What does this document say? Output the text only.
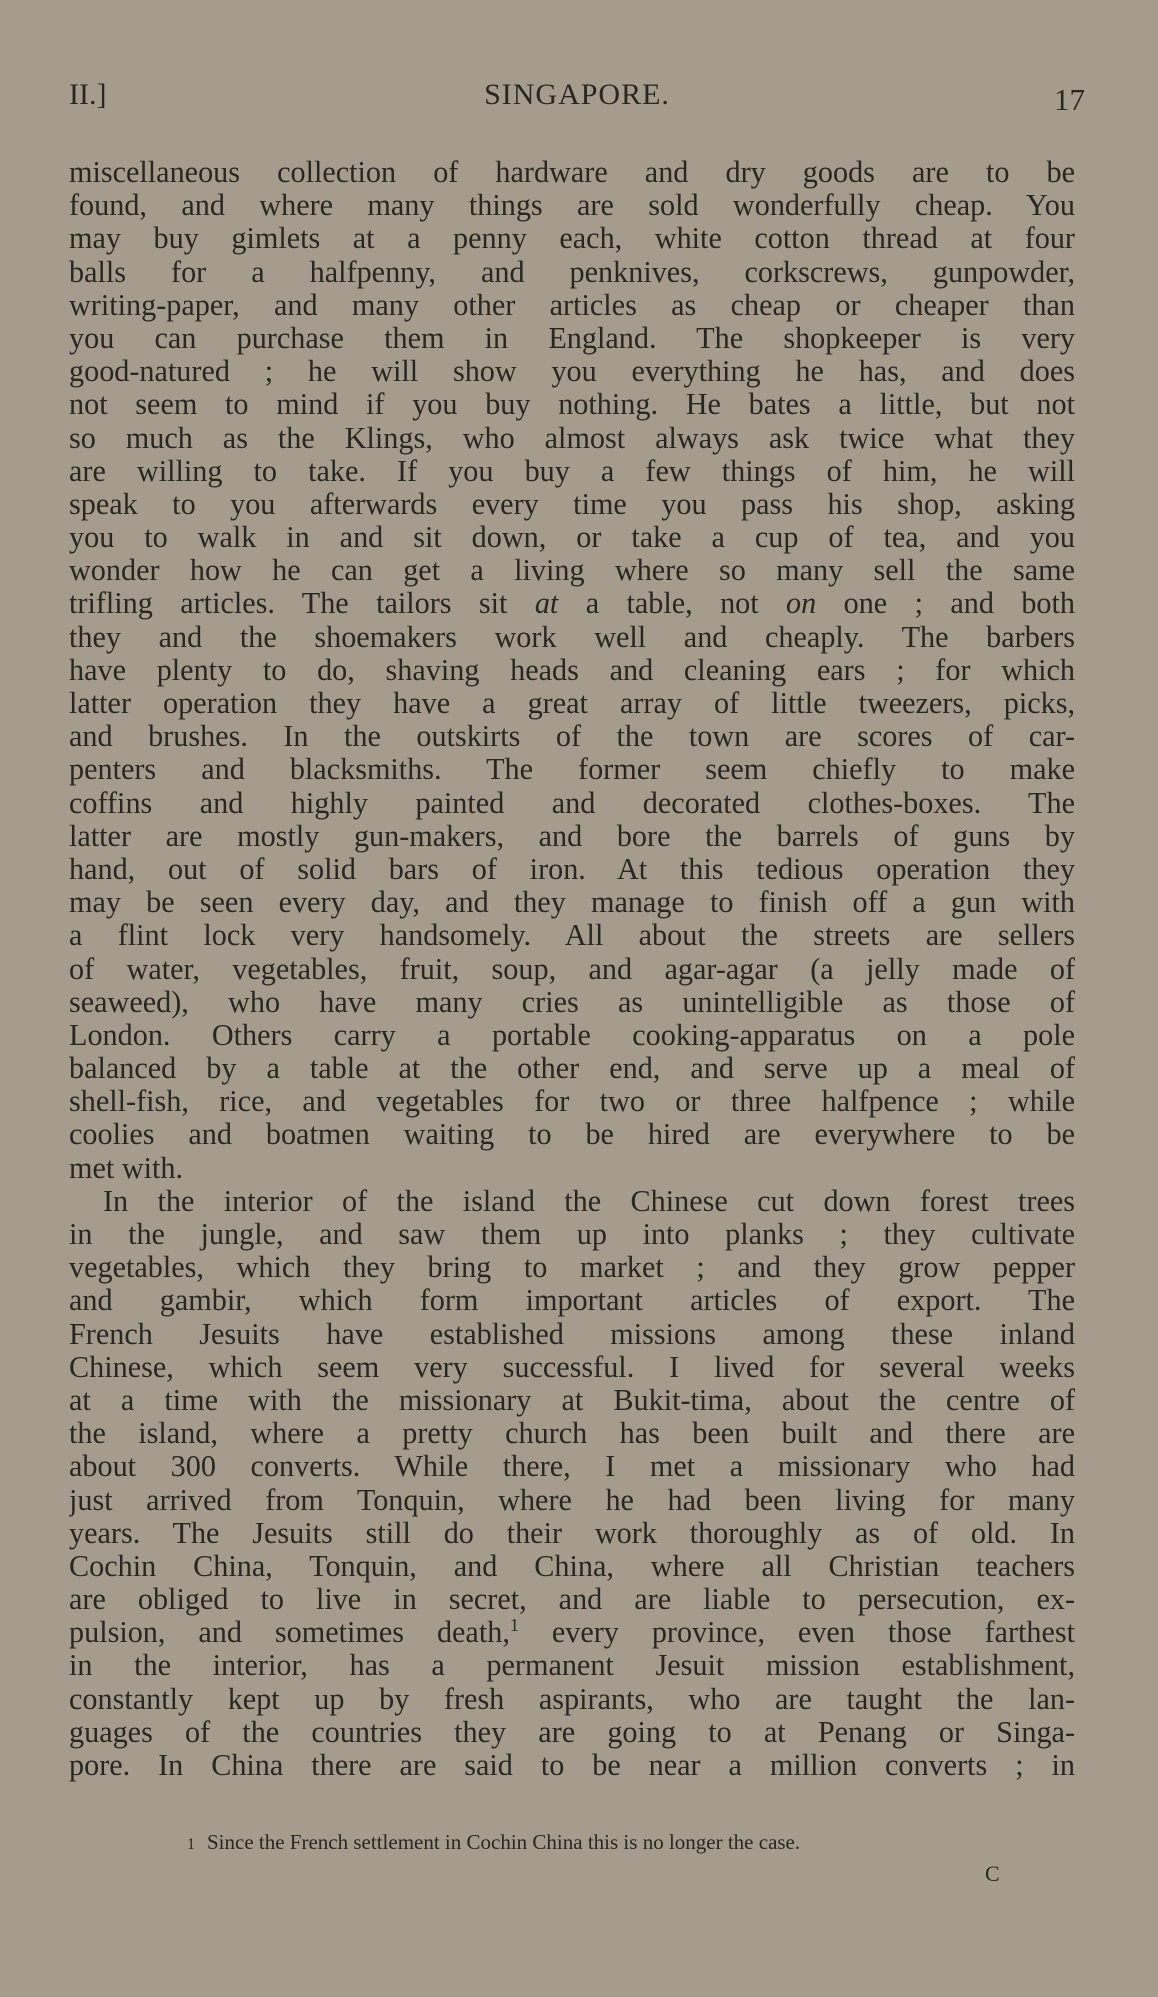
II.]	SINGAPORE.	17
miscellaneous collection of hardware and dry goods are to be
found, and where many things are sold wonderfully cheap. You
may buy gimlets at a penny each, white cotton thread at four
balls for a halfpenny, and penknives, corkscrews, gunpowder,
writing-paper, and many other articles as cheap or cheaper than
you can purchase them in England. The shopkeeper is very
good-natured ; he will show you everything he has, and does
not seem to mind if you buy nothing. He bates a little, but not
so much as the Klings, who almost always ask twice what they
are willing to take. If you buy a few things of him, he will
speak to you afterwards every time you pass his shop, asking
you to walk in and sit down, or take a cup of tea, and you
wonder how he can get a living where so many sell the same
trifling articles. The tailors sit at a table, not on one ; and both
they and the shoemakers work well and cheaply. The barbers
have plenty to do, shaving heads and cleaning ears ; for which
latter operation they have a great array of little tweezers, picks,
and brushes. In the outskirts of the town are scores of car-
penters and blacksmiths. The former seem chiefly to make
coffins and highly painted and decorated clothes-boxes. The
latter are mostly gun-makers, and bore the barrels of guns by
hand, out of solid bars of iron. At this tedious operation they
may be seen every day, and they manage to finish off a gun with
a flint lock very handsomely. All about the streets are sellers
of water, vegetables, fruit, soup, and agar-agar (a jelly made of
seaweed), who have many cries as unintelligible as those of
London. Others carry a portable cooking-apparatus on a pole
balanced by a table at the other end, and serve up a meal of
shell-fish, rice, and vegetables for two or three halfpence ; while
coolies and boatmen waiting to be hired are everywhere to be
met with.
In the interior of the island the Chinese cut down forest trees
in the jungle, and saw them up into planks ; they cultivate
vegetables, which they bring to market ; and they grow pepper
and gambir, which form important articles of export. The
French Jesuits have established missions among these inland
Chinese, which seem very successful. I lived for several weeks
at a time with the missionary at Bukit-tima, about the centre of
the island, where a pretty church has been built and there are
about 300 converts. While there, I met a missionary who had
just arrived from Tonquin, where he had been living for many
years. The Jesuits still do their work thoroughly as of old. In
Cochin China, Tonquin, and China, where all Christian teachers
are obliged to live in secret, and are liable to persecution, ex-
pulsion, and sometimes death,$^1$ every province, even those farthest
in the interior, has a permanent Jesuit mission establishment,
constantly kept up by fresh aspirants, who are taught the lan-
guages of the countries they are going to at Penang or Singa-
pore. In China there are said to be near a million converts ; in
1 Since the French settlement in Cochin China this is no longer the case.
C
